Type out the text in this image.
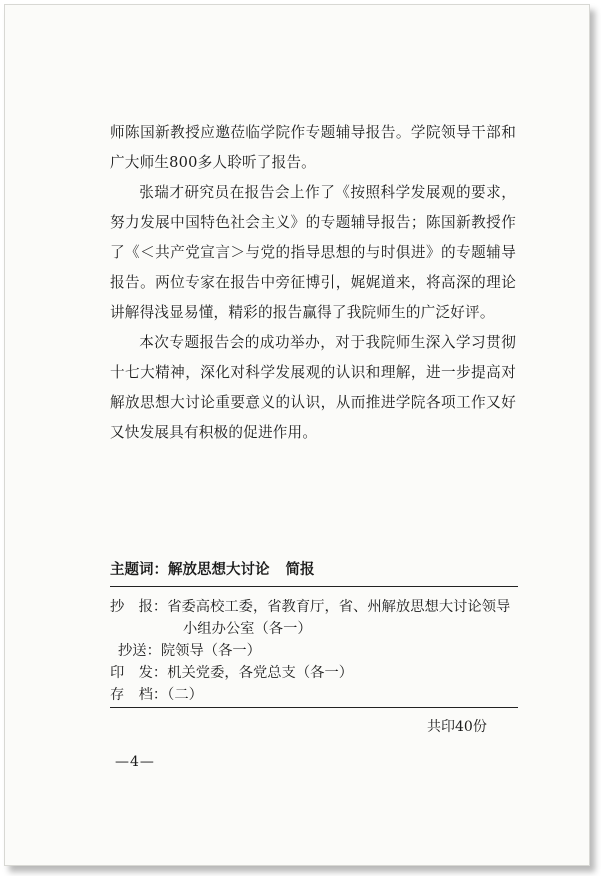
师陈国新教授应邀莅临学院作专题辅导报告。学院领导干部和广大师生800多人聆听了报告。

张瑞才研究员在报告会上作了《按照科学发展观的要求，努力发展中国特色社会主义》的专题辅导报告；陈国新教授作了《＜共产党宣言＞与党的指导思想的与时俱进》的专题辅导报告。两位专家在报告中旁征博引，娓娓道来，将高深的理论讲解得浅显易懂，精彩的报告赢得了我院师生的广泛好评。

本次专题报告会的成功举办，对于我院师生深入学习贯彻十七大精神，深化对科学发展观的认识和理解，进一步提高对解放思想大讨论重要意义的认识，从而推进学院各项工作又好又快发展具有积极的促进作用。

主题词：解放思想大讨论 简报
抄　报：省委高校工委，省教育厅，省、州解放思想大讨论领导
小组办公室（各一）
抄送：院领导（各一）
印　发：机关党委，各党总支（各一）
存　档：（二）
共印40份
—4—
